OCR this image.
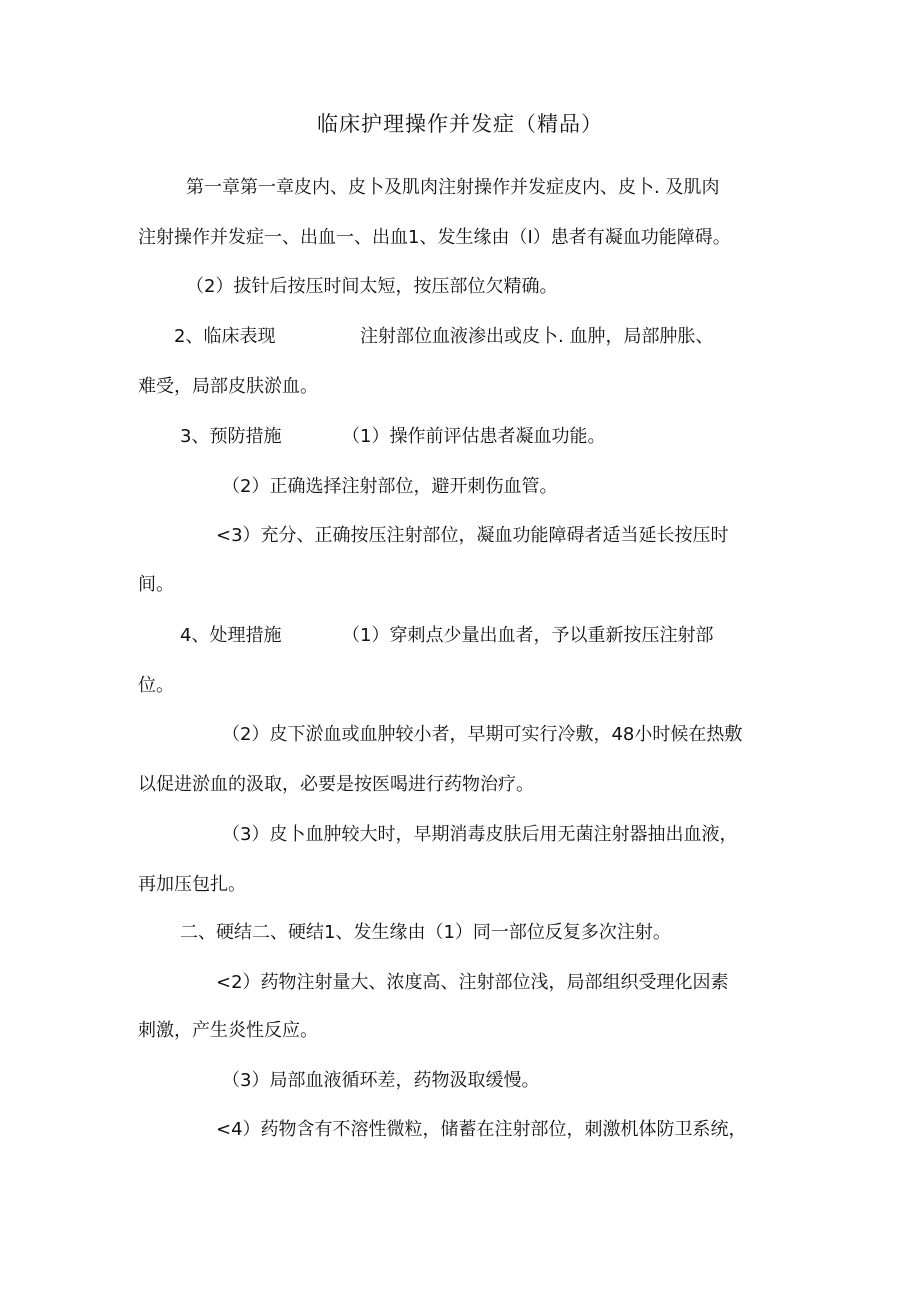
临床护理操作并发症（精品）
第一章第一章皮内、皮卜及肌肉注射操作并发症皮内、皮卜. 及肌肉
注射操作并发症一、出血一、出血1、发生缘由（I）患者有凝血功能障碍。
（2）拔针后按压时间太短，按压部位欠精确。
2、临床表现	注射部位血液渗出或皮卜. 血肿，局部肿胀、
难受，局部皮肤淤血。
3、预防措施	（1）操作前评估患者凝血功能。
（2）正确选择注射部位，避开刺伤血管。
<3）充分、正确按压注射部位，凝血功能障碍者适当延长按压时
间。
4、处理措施	（1）穿刺点少量出血者，予以重新按压注射部
位。
（2）皮下淤血或血肿较小者，早期可实行冷敷，48小时候在热敷
以促进淤血的汲取，必要是按医喝进行药物治疗。
（3）皮卜血肿较大时，早期消毒皮肤后用无菌注射器抽出血液，
再加压包扎。
二、硬结二、硬结1、发生缘由（1）同一部位反复多次注射。
<2）药物注射量大、浓度高、注射部位浅，局部组织受理化因素
刺激，产生炎性反应。
（3）局部血液循环差，药物汲取缓慢。
<4）药物含有不溶性微粒，储蓄在注射部位，刺激机体防卫系统，
